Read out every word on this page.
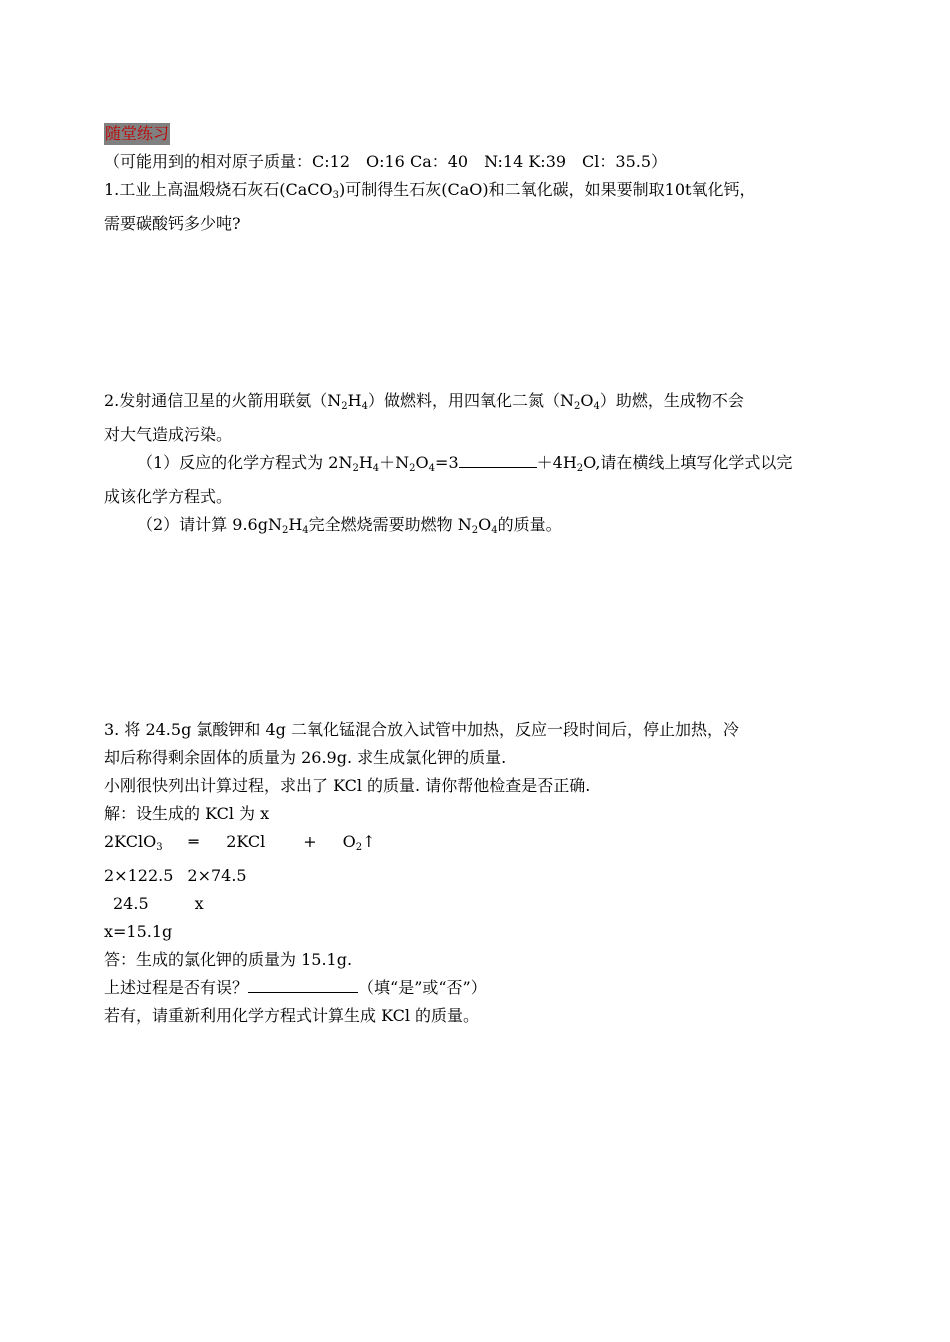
随堂练习
（可能用到的相对原子质量：C:12　O:16 Ca：40　N:14 K:39　Cl：35.5）
1.工业上高温煅烧石灰石(CaCO$_3$)可制得生石灰(CaO)和二氧化碳，如果要制取10t氧化钙，
需要碳酸钙多少吨?
2.发射通信卫星的火箭用联氨$(N_2H_4)$做燃料，用四氧化二氮$(N_2O_4)$助燃，生成物不会
对大气造成污染。
（1）反应的化学方程式为 $2N_2H_4+N_2O_4=3$	$+4H_2O$,请在横线上填写化学式以完
成该化学方程式。
（2）请计算 $9.6gN_2H_4$完全燃烧需要助燃物 $N_2O_4$的质量。
3. 将 24.5g 氯酸钾和 4g 二氧化锰混合放入试管中加热，反应一段时间后，停止加热，冷
却后称得剩余固体的质量为 26.9g. 求生成氯化钾的质量.
小刚很快列出计算过程，求出了 KCl 的质量. 请你帮他检查是否正确.
解：设生成的 KCl 为 x
2KClO$_3$ ═ $2KCl + O_2↑$
2×122.5 2×74.5
24.5	x
x=15.1g
答：生成的氯化钾的质量为 15.1g.
上述过程是否有误？	（填“是”或“否”）
若有，请重新利用化学方程式计算生成 KCl 的质量。
